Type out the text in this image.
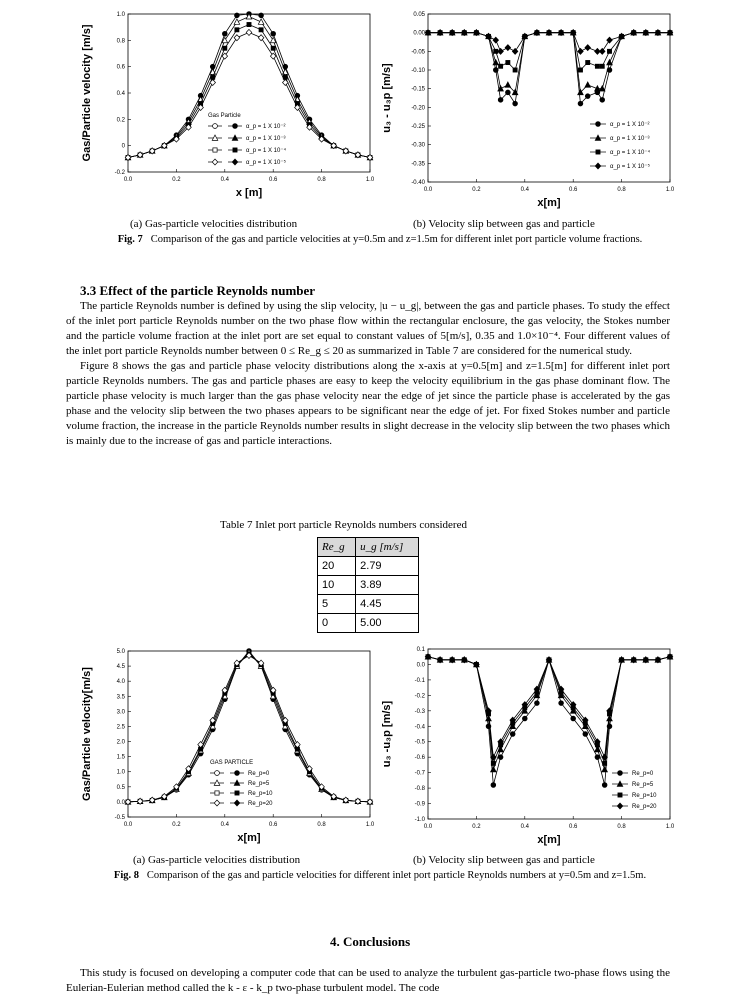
1.0
0.8
0.6
0.4
0.2
0
-0.2
0.0	0.2	0.4	0.6	0.8	1.0
x [m]
Gas/Particle velocity [m/s]	Gas Particle
α_p = 1 X 10⁻²
α_p = 1 X 10⁻³
α_p = 1 X 10⁻⁴
α_p = 1 X 10⁻⁵
0.05
0.00
-0.05
-0.10
-0.15
-0.20
-0.25
-0.30
-0.35
-0.40
0.0	0.2	0.4	0.6	0.8	1.0
x[m]
u₃ - u₃p [m/s]	α_p = 1 X 10⁻²
α_p = 1 X 10⁻³
α_p = 1 X 10⁻⁴
α_p = 1 X 10⁻⁵
(a) Gas-particle velocities distribution	(b) Velocity slip between gas and particle
Fig. 7 Comparison of the gas and particle velocities at y=0.5m and z=1.5m for different inlet port particle volume fractions.
3.3 Effect of the particle Reynolds number

The particle Reynolds number is defined by using the slip velocity, |u − u_g|, between the gas and particle phases. To study the effect of the inlet port particle Reynolds number on the two phase flow within the rectangular enclosure, the gas velocity, the Stokes number and the particle volume fraction at the inlet port are set equal to constant values of 5[m/s], 0.35 and 1.0×10⁻⁴. Four different values of the inlet port particle Reynolds number between 0 ≤ Re_g ≤ 20 as summarized in Table 7 are considered for the numerical study.

Figure 8 shows the gas and particle phase velocity distributions along the x-axis at y=0.5[m] and z=1.5[m] for different inlet port particle Reynolds numbers. The gas and particle phases are easy to keep the velocity equilibrium in the gas phase dominant flow. The particle phase velocity is much larger than the gas phase velocity near the edge of jet since the particle phase is accelerated by the gas phase and the velocity slip between the two phases appears to be significant near the edge of jet. For fixed Stokes number and particle volume fraction, the increase in the particle Reynolds number results in slight decrease in the velocity slip between the two phases which is mainly due to the increase of gas and particle interactions.

Table 7 Inlet port particle Reynolds numbers considered
Re_g	u_g [m/s]
20	2.79
10	3.89
5	4.45
0	5.00
5.0
4.5
4.0
3.5
3.0
2.5
2.0
1.5
1.0
0.5
0.0
-0.5
0.0	0.2	0.4	0.6	0.8	1.0
x[m]
Gas/Particle velocity[m/s]	GAS PARTICLE
Re_p=0
Re_p=5
Re_p=10
Re_p=20
0.1
0.0
-0.1
-0.2
-0.3
-0.4
-0.5
-0.6
-0.7
-0.8
-0.9
-1.0
0.0	0.2	0.4	0.6	0.8	1.0
x[m]
u₃ -u₃p [m/s]
Re_p=0
Re_p=5
Re_p=10
Re_p=20
(a) Gas-particle velocities distribution	(b) Velocity slip between gas and particle
Fig. 8 Comparison of the gas and particle velocities for different inlet port particle Reynolds numbers at y=0.5m and z=1.5m.
4. Conclusions

This study is focused on developing a computer code that can be used to analyze the turbulent gas-particle two-phase flows using the Eulerian-Eulerian method called the k - ε - k_p two-phase turbulent model. The code
